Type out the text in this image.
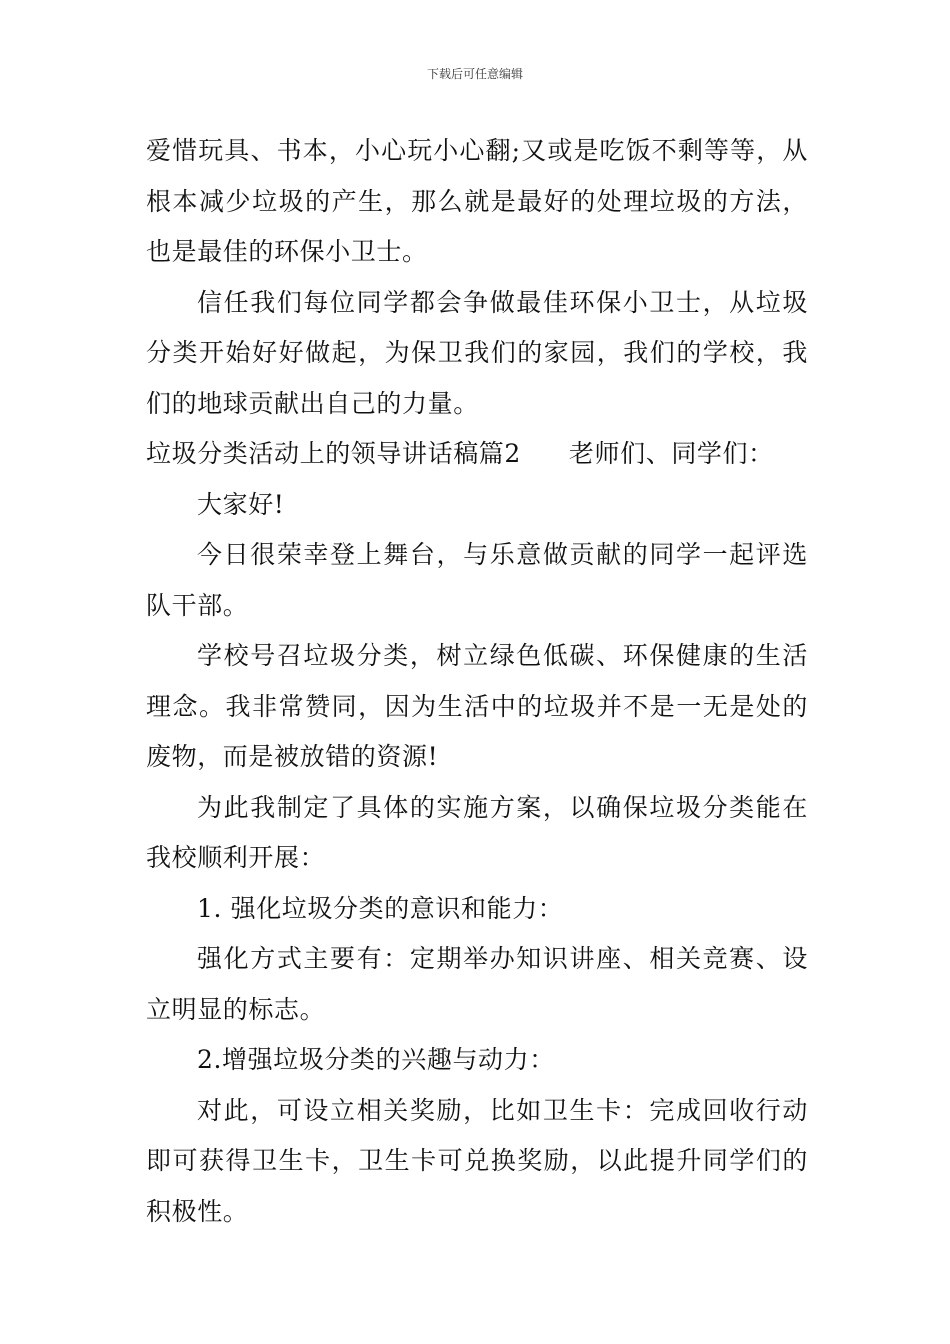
下载后可任意编辑

爱惜玩具、书本，小心玩小心翻;又或是吃饭不剩等等，从根本减少垃圾的产生，那么就是最好的处理垃圾的方法，也是最佳的环保小卫士。

信任我们每位同学都会争做最佳环保小卫士，从垃圾分类开始好好做起，为保卫我们的家园，我们的学校，我们的地球贡献出自己的力量。

垃圾分类活动上的领导讲话稿篇2 老师们、同学们：

大家好!

今日很荣幸登上舞台，与乐意做贡献的同学一起评选队干部。

学校号召垃圾分类，树立绿色低碳、环保健康的生活理念。我非常赞同，因为生活中的垃圾并不是一无是处的废物，而是被放错的资源!

为此我制定了具体的实施方案，以确保垃圾分类能在我校顺利开展：

1. 强化垃圾分类的意识和能力：

强化方式主要有：定期举办知识讲座、相关竞赛、设立明显的标志。

2.增强垃圾分类的兴趣与动力：

对此，可设立相关奖励，比如卫生卡：完成回收行动 即可获得卫生卡，卫生卡可兑换奖励，以此提升同学们的积极性。
